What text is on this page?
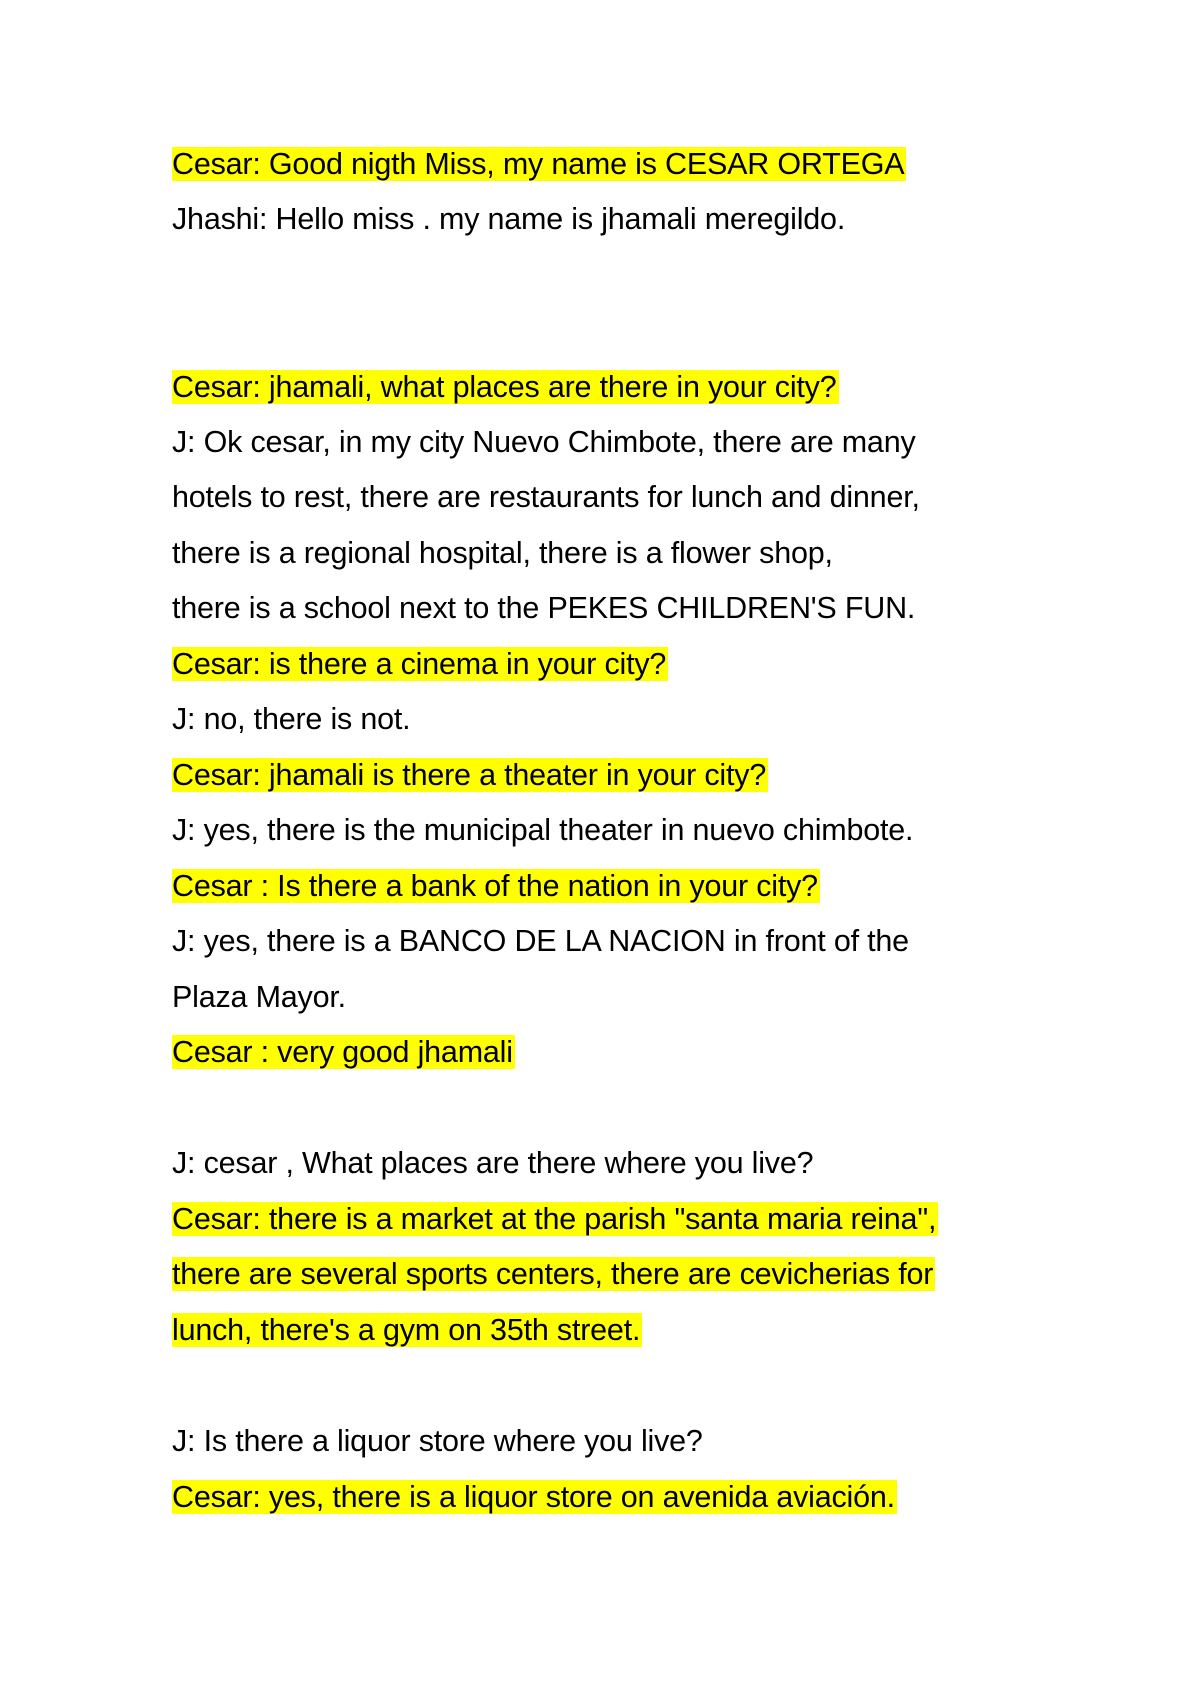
Cesar: Good nigth Miss, my name is CESAR ORTEGA
Jhashi: Hello miss . my name is jhamali meregildo.
Cesar: jhamali, what places are there in your city?
J: Ok cesar, in my city Nuevo Chimbote, there are many
hotels to rest, there are restaurants for lunch and dinner,
there is a regional hospital, there is a flower shop,
there is a school next to the PEKES CHILDREN'S FUN.
Cesar: is there a cinema in your city?
J: no, there is not.
Cesar: jhamali is there a theater in your city?
J: yes, there is the municipal theater in nuevo chimbote.
Cesar : Is there a bank of the nation in your city?
J: yes, there is a BANCO DE LA NACION in front of the
Plaza Mayor.
Cesar : very good jhamali
J: cesar , What places are there where you live?
Cesar: there is a market at the parish "santa maria reina",
there are several sports centers, there are cevicherias for
lunch, there's a gym on 35th street.
J: Is there a liquor store where you live?
Cesar: yes, there is a liquor store on avenida aviación.
